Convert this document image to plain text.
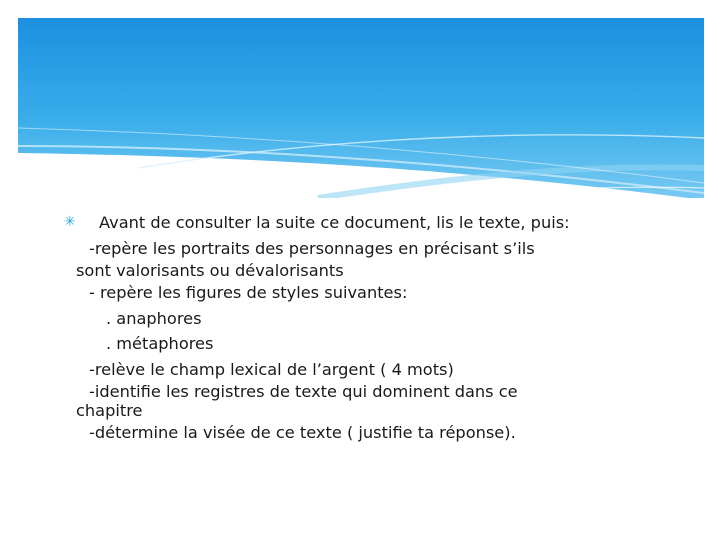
✳ Avant de consulter la suite ce document, lis le texte, puis:
-repère les portraits des personnages en précisant s’ils
sont valorisants ou dévalorisants
- repère les figures de styles suivantes:
. anaphores
. métaphores
-relève le champ lexical de l’argent ( 4 mots)
-identifie les registres de texte qui dominent dans ce
chapitre
-détermine la visée de ce texte ( justifie ta réponse).
